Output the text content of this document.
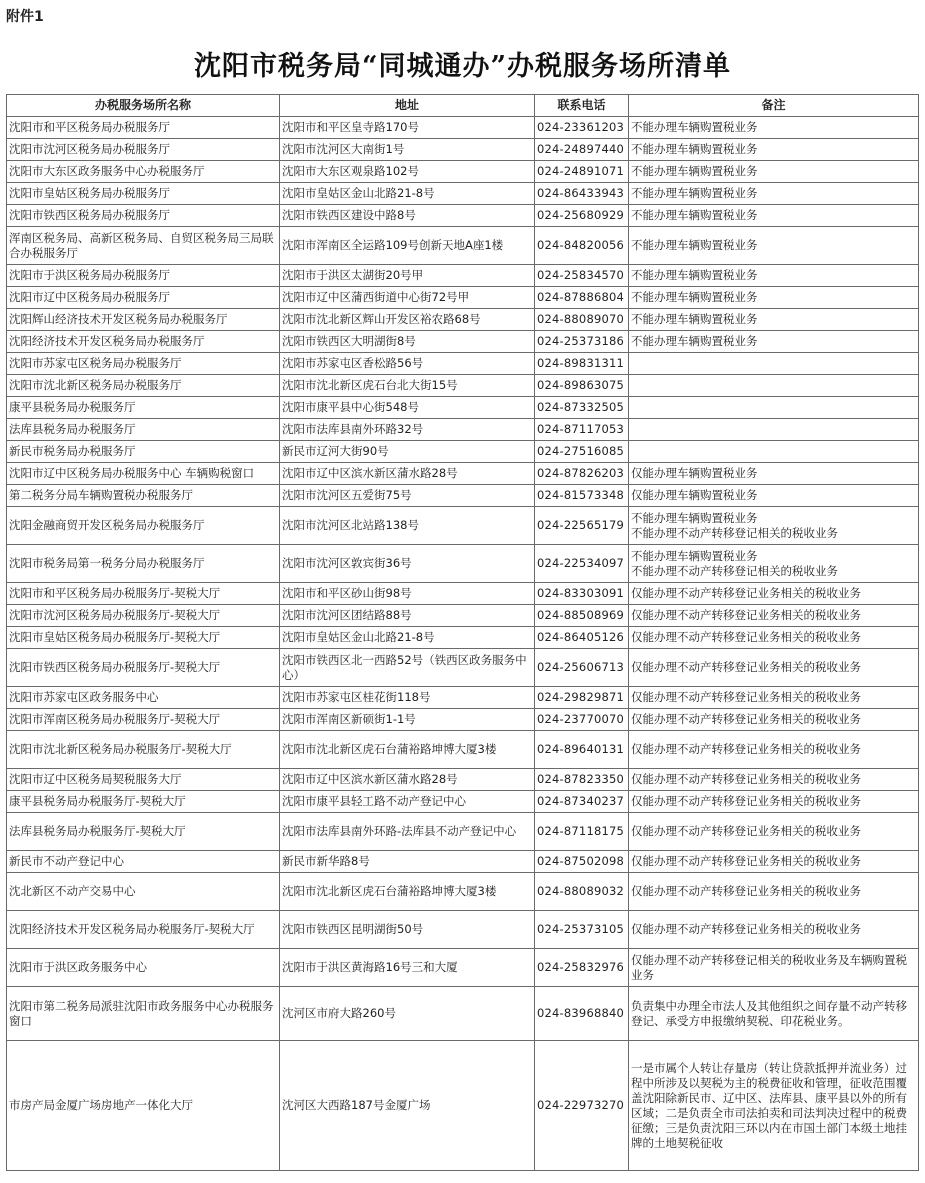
附件1
沈阳市税务局“同城通办”办税服务场所清单
办税服务场所名称	地址	联系电话	备注
沈阳市和平区税务局办税服务厅	沈阳市和平区皇寺路170号	024-23361203	不能办理车辆购置税业务
沈阳市沈河区税务局办税服务厅	沈阳市沈河区大南街1号	024-24897440	不能办理车辆购置税业务
沈阳市大东区政务服务中心办税服务厅	沈阳市大东区观泉路102号	024-24891071	不能办理车辆购置税业务
沈阳市皇姑区税务局办税服务厅	沈阳市皇姑区金山北路21-8号	024-86433943	不能办理车辆购置税业务
沈阳市铁西区税务局办税服务厅	沈阳市铁西区建设中路8号	024-25680929	不能办理车辆购置税业务
浑南区税务局、高新区税务局、自贸区税务局三局联合办税服务厅	沈阳市浑南区全运路109号创新天地A座1楼	024-84820056	不能办理车辆购置税业务
沈阳市于洪区税务局办税服务厅	沈阳市于洪区太湖街20号甲	024-25834570	不能办理车辆购置税业务
沈阳市辽中区税务局办税服务厅	沈阳市辽中区蒲西街道中心街72号甲	024-87886804	不能办理车辆购置税业务
沈阳辉山经济技术开发区税务局办税服务厅	沈阳市沈北新区辉山开发区裕农路68号	024-88089070	不能办理车辆购置税业务
沈阳经济技术开发区税务局办税服务厅	沈阳市铁西区大明湖街8号	024-25373186	不能办理车辆购置税业务
沈阳市苏家屯区税务局办税服务厅	沈阳市苏家屯区香松路56号	024-89831311	
沈阳市沈北新区税务局办税服务厅	沈阳市沈北新区虎石台北大街15号	024-89863075	
康平县税务局办税服务厅	沈阳市康平县中心街548号	024-87332505	
法库县税务局办税服务厅	沈阳市法库县南外环路32号	024-87117053	
新民市税务局办税服务厅	新民市辽河大街90号	024-27516085	
沈阳市辽中区税务局办税服务中心 车辆购税窗口	沈阳市辽中区滨水新区蒲水路28号	024-87826203	仅能办理车辆购置税业务
第二税务分局车辆购置税办税服务厅	沈阳市沈河区五爱街75号	024-81573348	仅能办理车辆购置税业务
沈阳金融商贸开发区税务局办税服务厅	沈阳市沈河区北站路138号	024-22565179	不能办理车辆购置税业务
不能办理不动产转移登记相关的税收业务
沈阳市税务局第一税务分局办税服务厅	沈阳市沈河区敦宾街36号	024-22534097	不能办理车辆购置税业务
不能办理不动产转移登记相关的税收业务
沈阳市和平区税务局办税服务厅-契税大厅	沈阳市和平区砂山街98号	024-83303091	仅能办理不动产转移登记业务相关的税收业务
沈阳市沈河区税务局办税服务厅-契税大厅	沈阳市沈河区团结路88号	024-88508969	仅能办理不动产转移登记业务相关的税收业务
沈阳市皇姑区税务局办税服务厅-契税大厅	沈阳市皇姑区金山北路21-8号	024-86405126	仅能办理不动产转移登记业务相关的税收业务
沈阳市铁西区税务局办税服务厅-契税大厅	沈阳市铁西区北一西路52号（铁西区政务服务中心）	024-25606713	仅能办理不动产转移登记业务相关的税收业务
沈阳市苏家屯区政务服务中心	沈阳市苏家屯区桂花街118号	024-29829871	仅能办理不动产转移登记业务相关的税收业务
沈阳市浑南区税务局办税服务厅-契税大厅	沈阳市浑南区新硕街1-1号	024-23770070	仅能办理不动产转移登记业务相关的税收业务
沈阳市沈北新区税务局办税服务厅-契税大厅	沈阳市沈北新区虎石台蒲裕路坤博大厦3楼	024-89640131	仅能办理不动产转移登记业务相关的税收业务
沈阳市辽中区税务局契税服务大厅	沈阳市辽中区滨水新区蒲水路28号	024-87823350	仅能办理不动产转移登记业务相关的税收业务
康平县税务局办税服务厅-契税大厅	沈阳市康平县轻工路不动产登记中心	024-87340237	仅能办理不动产转移登记业务相关的税收业务
法库县税务局办税服务厅-契税大厅	沈阳市法库县南外环路-法库县不动产登记中心	024-87118175	仅能办理不动产转移登记业务相关的税收业务
新民市不动产登记中心	新民市新华路8号	024-87502098	仅能办理不动产转移登记业务相关的税收业务
沈北新区不动产交易中心	沈阳市沈北新区虎石台蒲裕路坤博大厦3楼	024-88089032	仅能办理不动产转移登记业务相关的税收业务
沈阳经济技术开发区税务局办税服务厅-契税大厅	沈阳市铁西区昆明湖街50号	024-25373105	仅能办理不动产转移登记业务相关的税收业务
沈阳市于洪区政务服务中心	沈阳市于洪区黄海路16号三和大厦	024-25832976	仅能办理不动产转移登记相关的税收业务及车辆购置税业务
沈阳市第二税务局派驻沈阳市政务服务中心办税服务窗口	沈河区市府大路260号	024-83968840	负责集中办理全市法人及其他组织之间存量不动产转移登记、承受方申报缴纳契税、印花税业务。
市房产局金厦广场房地产一体化大厅	沈河区大西路187号金厦广场	024-22973270	一是市属个人转让存量房（转让贷款抵押并流业务）过程中所涉及以契税为主的税费征收和管理，征收范围覆盖沈阳除新民市、辽中区、法库县、康平县以外的所有区域；二是负责全市司法拍卖和司法判决过程中的税费征缴；三是负责沈阳三环以内在市国土部门本级土地挂牌的土地契税征收
